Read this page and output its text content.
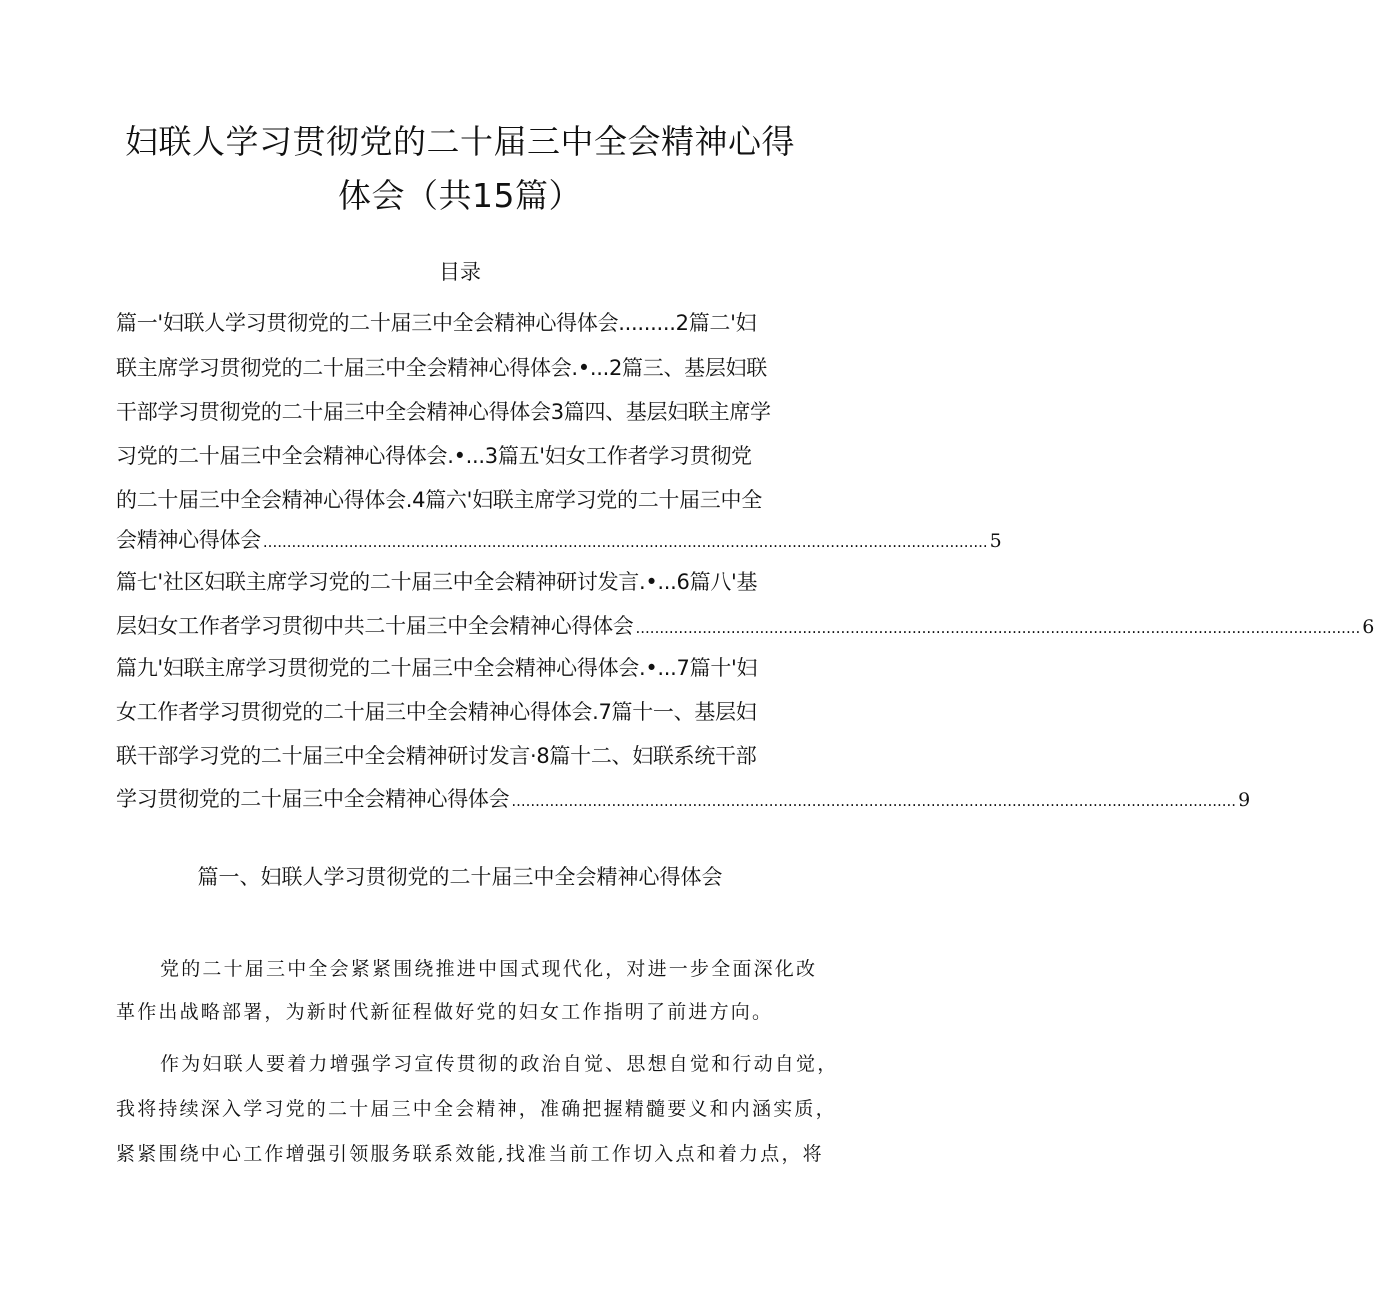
妇联人学习贯彻党的二十届三中全会精神心得
体会（共15篇）
目录
篇一'妇联人学习贯彻党的二十届三中全会精神心得体会.........2篇二'妇
联主席学习贯彻党的二十届三中全会精神心得体会.•...2篇三、基层妇联
干部学习贯彻党的二十届三中全会精神心得体会3篇四、基层妇联主席学
习党的二十届三中全会精神心得体会.•...3篇五'妇女工作者学习贯彻党
的二十届三中全会精神心得体会.4篇六'妇联主席学习党的二十届三中全
会精神心得体会 ........................................................................................................................................................ 5
篇七'社区妇联主席学习党的二十届三中全会精神研讨发言.•...6篇八'基
层妇女工作者学习贯彻中共二十届三中全会精神心得体会 ........................................................................................................................................................ 6
篇九'妇联主席学习贯彻党的二十届三中全会精神心得体会.•...7篇十'妇
女工作者学习贯彻党的二十届三中全会精神心得体会.7篇十一、基层妇
联干部学习党的二十届三中全会精神研讨发言·8篇十二、妇联系统干部
学习贯彻党的二十届三中全会精神心得体会 ........................................................................................................................................................ 9
篇一、妇联人学习贯彻党的二十届三中全会精神心得体会
党的二十届三中全会紧紧围绕推进中国式现代化，对进一步全面深化改
革作出战略部署，为新时代新征程做好党的妇女工作指明了前进方向。
作为妇联人要着力增强学习宣传贯彻的政治自觉、思想自觉和行动自觉，
我将持续深入学习党的二十届三中全会精神，准确把握精髓要义和内涵实质，
紧紧围绕中心工作增强引领服务联系效能,找准当前工作切入点和着力点，将
